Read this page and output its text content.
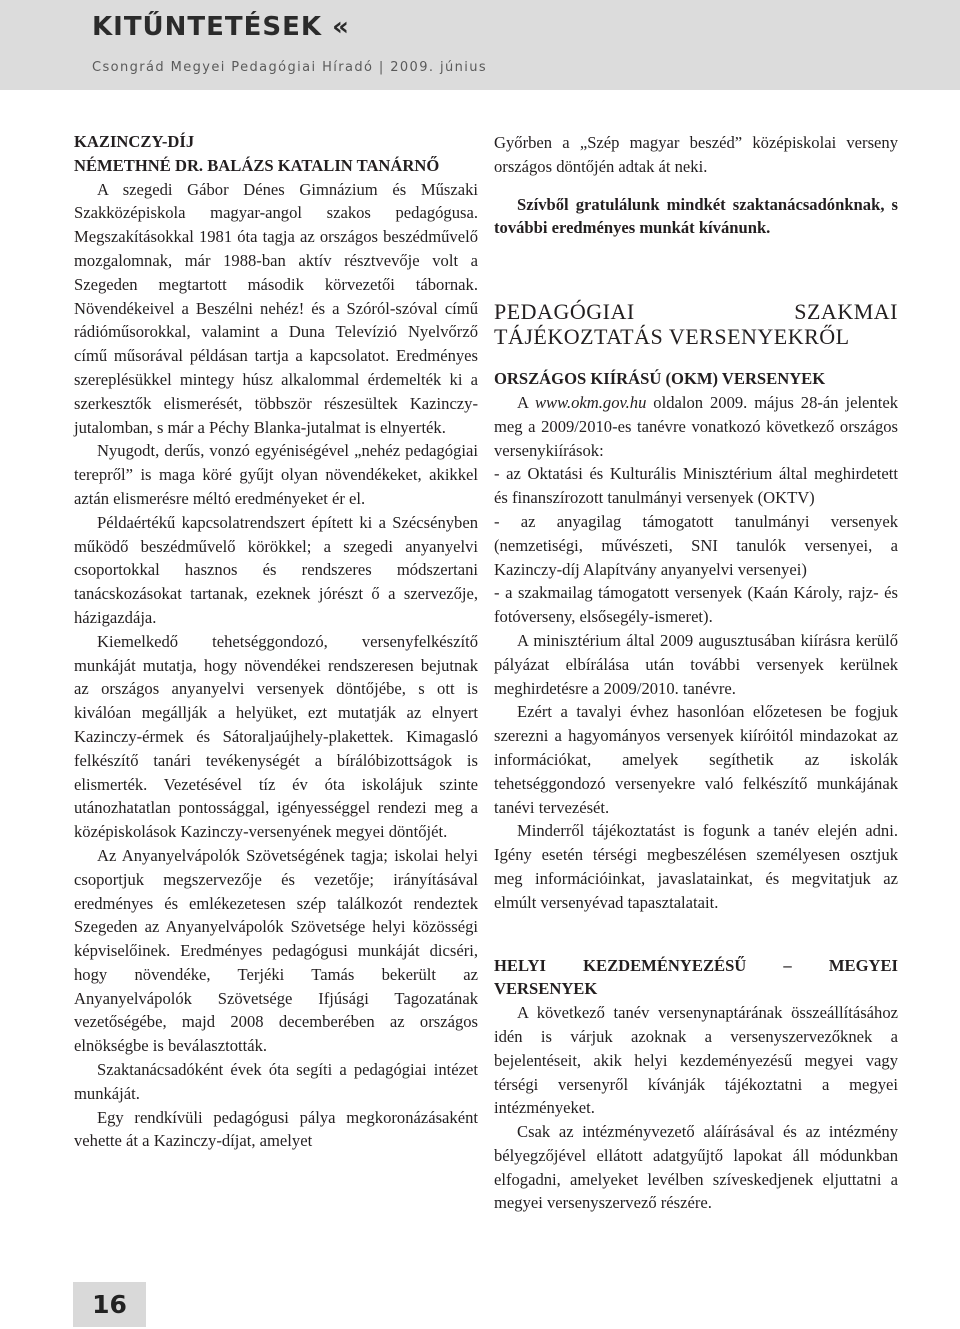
KITŰNTETÉSEK «
Csongrád Megyei Pedagógiai Híradó | 2009. június
KAZINCZY-DÍJ
NÉMETHNÉ DR. BALÁZS KATALIN TANÁRNŐ

A szegedi Gábor Dénes Gimnázium és Műszaki Szakközépiskola magyar-angol szakos pedagógusa. Megszakításokkal 1981 óta tagja az országos beszédművelő mozgalomnak, már 1988-ban aktív résztvevője volt a Szegeden megtartott második körvezetői tábornak. Növendékeivel a Beszélni nehéz! és a Szóról-szóval című rádióműsorokkal, valamint a Duna Televízió Nyelvőrző című műsorával példásan tartja a kapcsolatot. Eredményes szereplésükkel mintegy húsz alkalommal érdemelték ki a szerkesztők elismerését, többször részesültek Kazinczy-jutalomban, s már a Péchy Blanka-jutalmat is elnyerték.

Nyugodt, derűs, vonzó egyéniségével „nehéz pedagógiai terepről” is maga köré gyűjt olyan növendékeket, akikkel aztán elismerésre méltó eredményeket ér el.

Példaértékű kapcsolatrendszert épített ki a Szécsényben működő beszédművelő körökkel; a szegedi anyanyelvi csoportokkal hasznos és rendszeres módszertani tanácskozásokat tartanak, ezeknek jórészt ő a szervezője, házigazdája.

Kiemelkedő tehetséggondozó, versenyfelkészítő munkáját mutatja, hogy növendékei rendszeresen bejutnak az országos anyanyelvi versenyek döntőjébe, s ott is kiválóan megállják a helyüket, ezt mutatják az elnyert Kazinczy-érmek és Sátoraljaújhely-plakettek. Kimagasló felkészítő tanári tevékenységét a bírálóbizottságok is elismerték. Vezetésével tíz év óta iskolájuk szinte utánozhatatlan pontossággal, igényességgel rendezi meg a középiskolások Kazinczy-versenyének megyei döntőjét.

Az Anyanyelvápolók Szövetségének tagja; iskolai helyi csoportjuk megszervezője és vezetője; irányításával eredményes és emlékezetesen szép találkozót rendeztek Szegeden az Anyanyelvápolók Szövetsége helyi közösségi képviselőinek. Eredményes pedagógusi munkáját dicséri, hogy növendéke, Terjéki Tamás bekerült az Anyanyelvápolók Szövetsége Ifjúsági Tagozatának vezetőségébe, majd 2008 decemberében az országos elnökségbe is beválasztották.

Szaktanácsadóként évek óta segíti a pedagógiai intézet munkáját.

Egy rendkívüli pedagógusi pálya megkoronázásaként vehette át a Kazinczy-díjat, amelyet

Győrben a „Szép magyar beszéd” középiskolai verseny országos döntőjén adtak át neki.

Szívből gratulálunk mindkét szaktanácsadónknak, s további eredményes munkát kívánunk.

PEDAGÓGIAI SZAKMAI TÁJÉKOZTATÁS VERSENYEKRŐL
ORSZÁGOS KIÍRÁSÚ (OKM) VERSENYEK

A www.okm.gov.hu oldalon 2009. május 28-án jelentek meg a 2009/2010-es tanévre vonatkozó következő országos versenykiírások:

- az Oktatási és Kulturális Minisztérium által meghirdetett és finanszírozott tanulmányi versenyek (OKTV)

- az anyagilag támogatott tanulmányi versenyek (nemzetiségi, művészeti, SNI tanulók versenyei, a Kazinczy-díj Alapítvány anyanyelvi versenyei)

- a szakmailag támogatott versenyek (Kaán Károly, rajz- és fotóverseny, elsősegély-ismeret).

A minisztérium által 2009 augusztusában kiírásra kerülő pályázat elbírálása után további versenyek kerülnek meghirdetésre a 2009/2010. tanévre.

Ezért a tavalyi évhez hasonlóan előzetesen be fogjuk szerezni a hagyományos versenyek kiíróitól mindazokat az információkat, amelyek segíthetik az iskolák tehetséggondozó versenyekre való felkészítő munkájának tanévi tervezését.

Minderről tájékoztatást is fogunk a tanév elején adni. Igény esetén térségi megbeszélésen személyesen osztjuk meg információinkat, javaslatainkat, és megvitatjuk az elmúlt versenyévad tapasztalatait.

HELYI KEZDEMÉNYEZÉSŰ – MEGYEI VERSENYEK

A következő tanév versenynaptárának összeállításához idén is várjuk azoknak a versenyszervezőknek a bejelentéseit, akik helyi kezdeményezésű megyei vagy térségi versenyről kívánják tájékoztatni a megyei intézményeket.

Csak az intézményvezető aláírásával és az intézmény bélyegzőjével ellátott adatgyűjtő lapokat áll módunkban elfogadni, amelyeket levélben szíveskedjenek eljuttatni a megyei versenyszervező részére.

16
